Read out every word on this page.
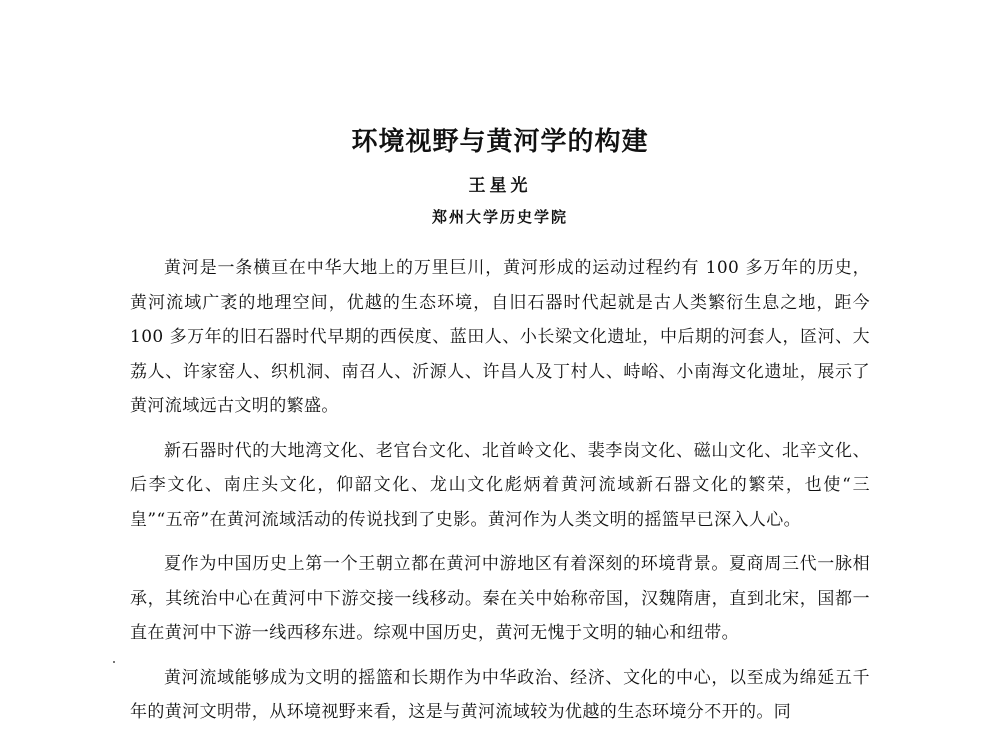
环境视野与黄河学的构建
王星光
郑州大学历史学院

黄河是一条横亘在中华大地上的万里巨川，黄河形成的运动过程约有 100 多万年的历史，黄河流域广袤的地理空间，优越的生态环境，自旧石器时代起就是古人类繁衍生息之地，距今 100 多万年的旧石器时代早期的西侯度、蓝田人、小长梁文化遗址，中后期的河套人，匼河、大荔人、许家窑人、织机洞、南召人、沂源人、许昌人及丁村人、峙峪、小南海文化遗址，展示了黄河流域远古文明的繁盛。

新石器时代的大地湾文化、老官台文化、北首岭文化、裴李岗文化、磁山文化、北辛文化、后李文化、南庄头文化，仰韶文化、龙山文化彪炳着黄河流域新石器文化的繁荣，也使“三皇”“五帝”在黄河流域活动的传说找到了史影。黄河作为人类文明的摇篮早已深入人心。

夏作为中国历史上第一个王朝立都在黄河中游地区有着深刻的环境背景。夏商周三代一脉相承，其统治中心在黄河中下游交接一线移动。秦在关中始称帝国，汉魏隋唐，直到北宋，国都一直在黄河中下游一线西移东进。综观中国历史，黄河无愧于文明的轴心和纽带。

黄河流域能够成为文明的摇篮和长期作为中华政治、经济、文化的中心，以至成为绵延五千年的黄河文明带，从环境视野来看，这是与黄河流域较为优越的生态环境分不开的。同
